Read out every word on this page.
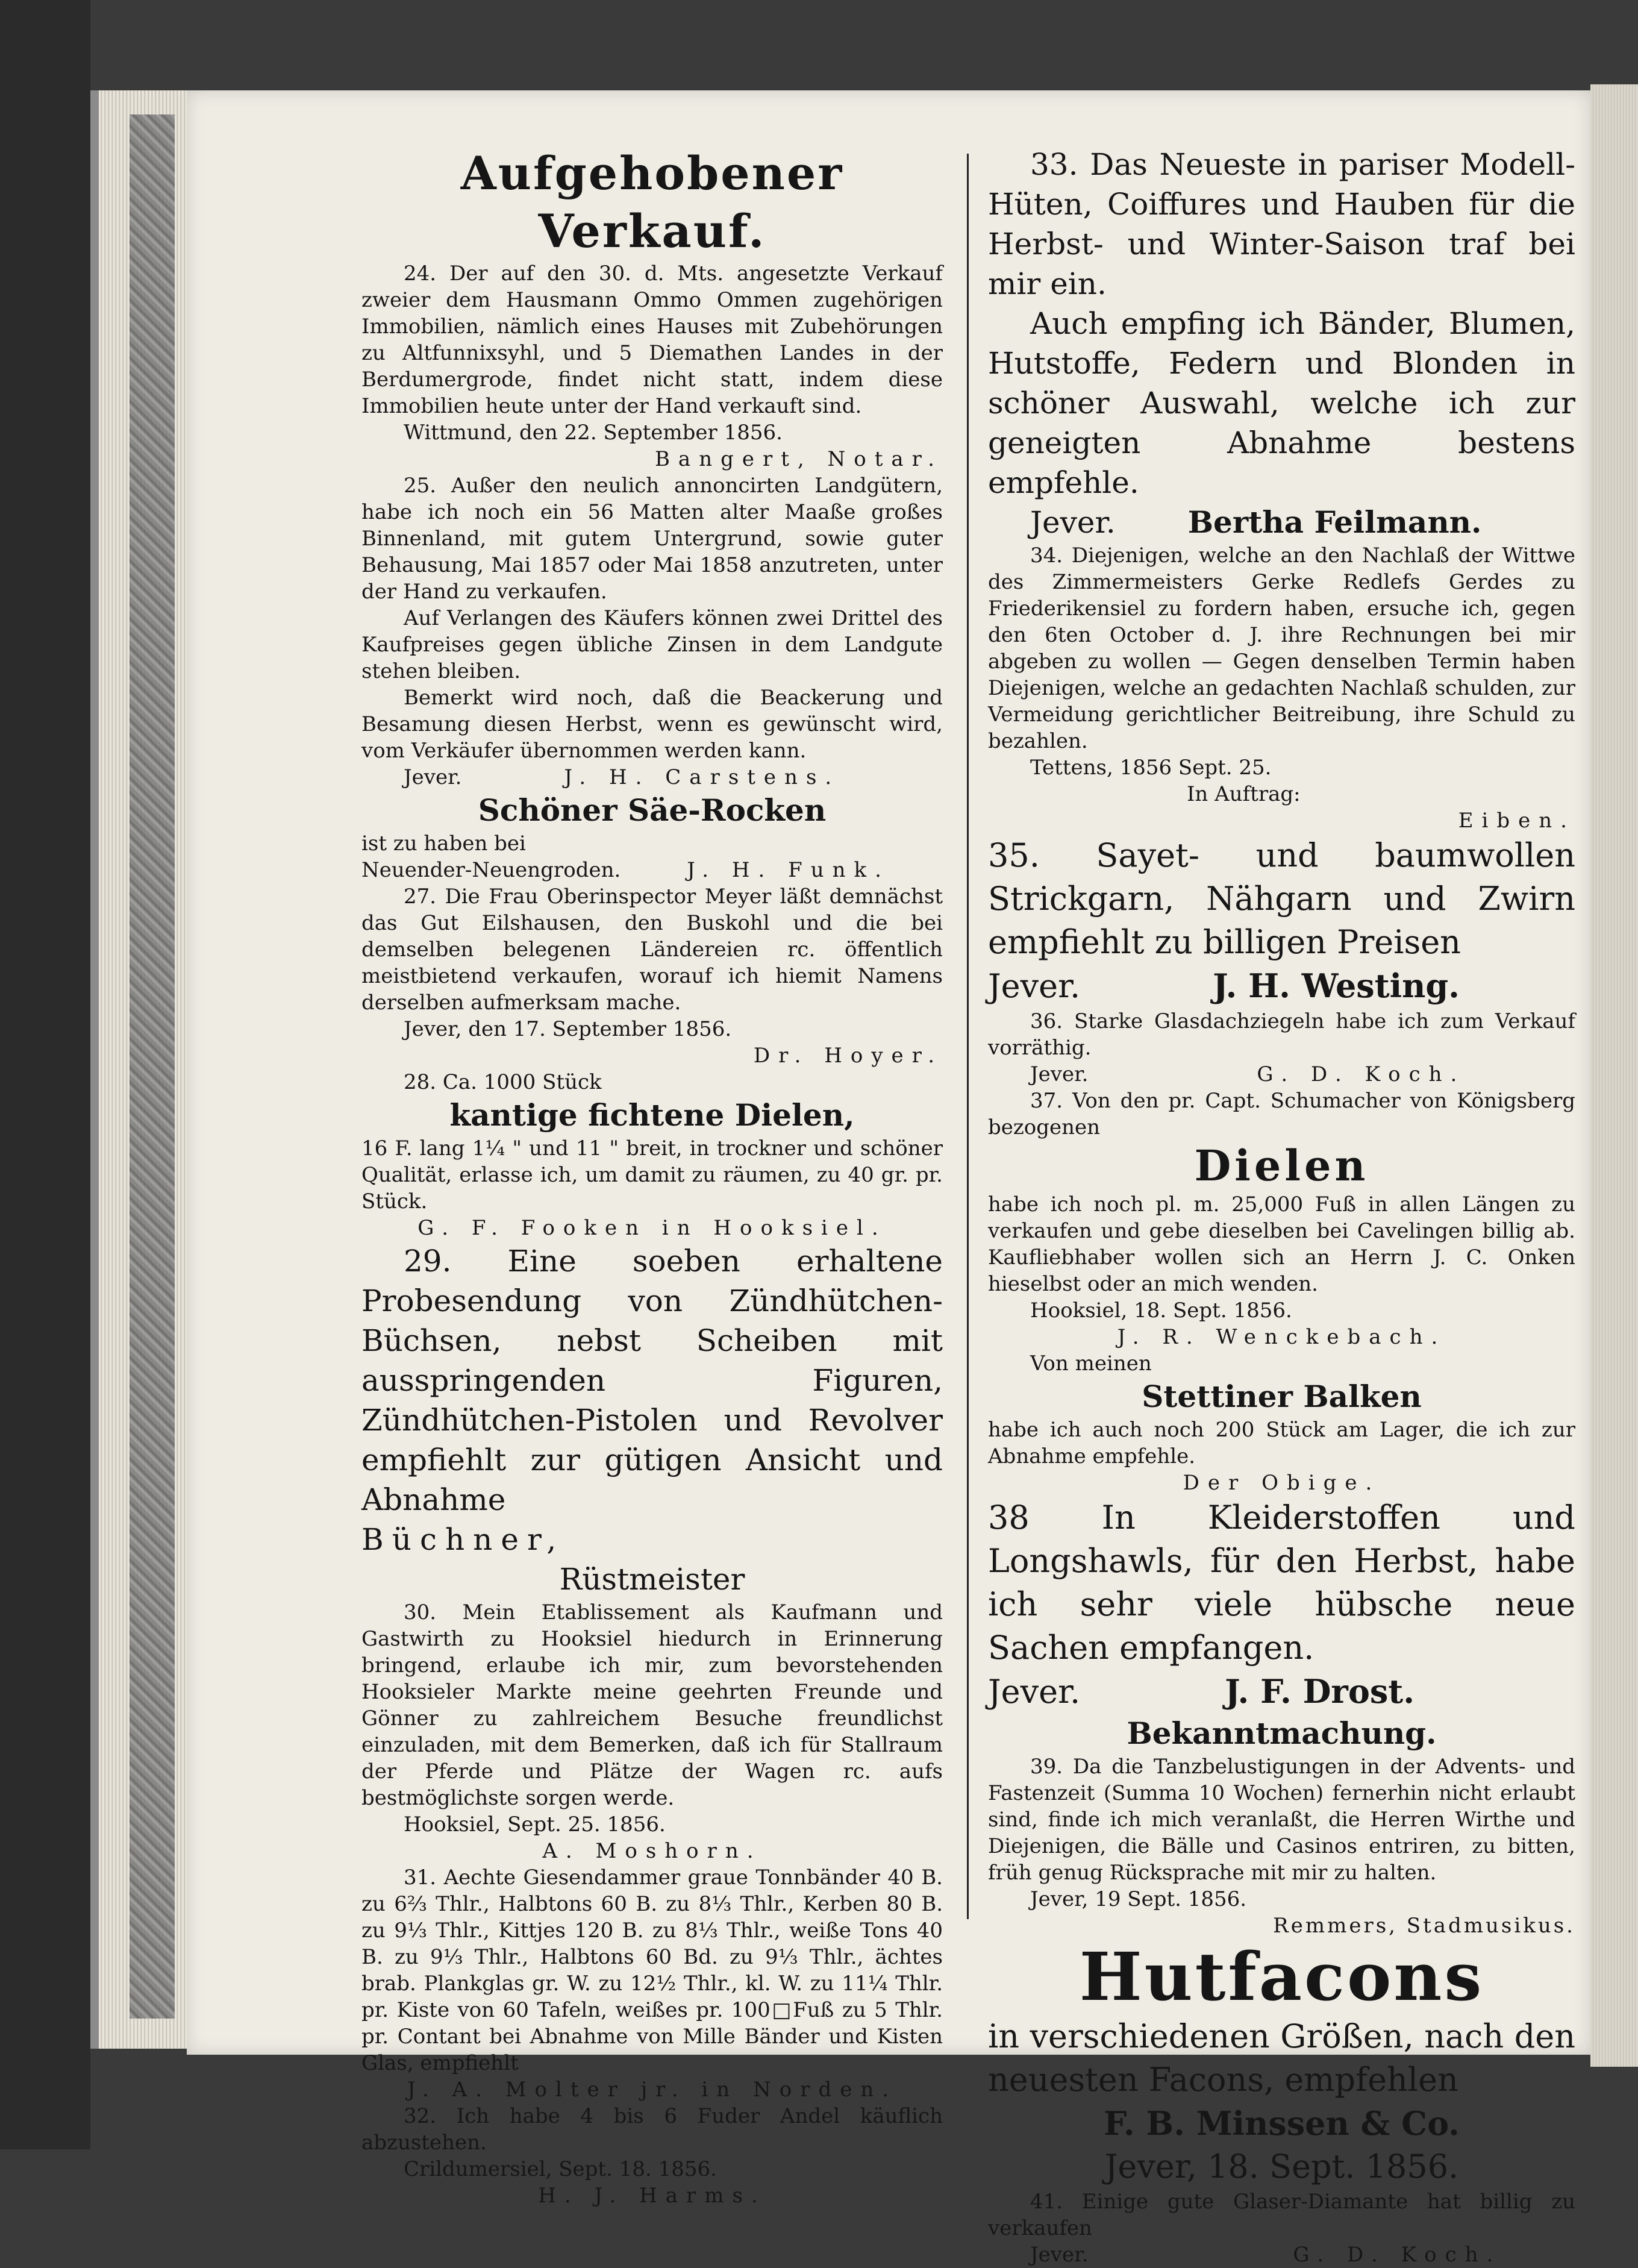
Aufgehobener Verkauf.

24. Der auf den 30. d. Mts. angesetzte Verkauf zweier dem Hausmann Ommo Ommen zugehörigen Immobilien, nämlich eines Hauses mit Zubehörungen zu Altfunnixsyhl, und 5 Diemathen Landes in der Berdumergrode, findet nicht statt, indem diese Immobilien heute unter der Hand verkauft sind.

Wittmund, den 22. September 1856.

Bangert, Notar.

25. Außer den neulich annoncirten Landgütern, habe ich noch ein 56 Matten alter Maaße großes Binnenland, mit gutem Untergrund, sowie guter Behausung, Mai 1857 oder Mai 1858 anzutreten, unter der Hand zu verkaufen.

Auf Verlangen des Käufers können zwei Drittel des Kaufpreises gegen übliche Zinsen in dem Landgute stehen bleiben.

Bemerkt wird noch, daß die Beackerung und Besamung diesen Herbst, wenn es gewünscht wird, vom Verkäufer übernommen werden kann.

Jever.	J. H. Carstens.

Schöner Säe-Rocken

ist zu haben bei

Neuender-Neuengroden.	J. H. Funk.

27. Die Frau Oberinspector Meyer läßt demnächst das Gut Eilshausen, den Buskohl und die bei demselben belegenen Ländereien rc. öffentlich meistbietend verkaufen, worauf ich hiemit Namens derselben aufmerksam mache.

Jever, den 17. September 1856.

Dr. Hoyer.

28. Ca. 1000 Stück

kantige fichtene Dielen,

16 F. lang 1¼ " und 11 " breit, in trockner und schöner Qualität, erlasse ich, um damit zu räumen, zu 40 gr. pr. Stück.

G. F. Fooken in Hooksiel.

29. Eine soeben erhaltene Probesendung von Zündhütchen-Büchsen, nebst Scheiben mit ausspringenden Figuren, Zündhütchen-Pistolen und Revolver empfiehlt zur gütigen Ansicht und Abnahme

Büchner,

Rüstmeister

30. Mein Etablissement als Kaufmann und Gastwirth zu Hooksiel hiedurch in Erinnerung bringend, erlaube ich mir, zum bevorstehenden Hooksieler Markte meine geehrten Freunde und Gönner zu zahlreichem Besuche freundlichst einzuladen, mit dem Bemerken, daß ich für Stallraum der Pferde und Plätze der Wagen rc. aufs bestmöglichste sorgen werde.

Hooksiel, Sept. 25. 1856.

A. Moshorn.

31. Aechte Giesendammer graue Tonnbänder 40 B. zu 6⅔ Thlr., Halbtons 60 B. zu 8⅓ Thlr., Kerben 80 B. zu 9⅓ Thlr., Kittjes 120 B. zu 8⅓ Thlr., weiße Tons 40 B. zu 9⅓ Thlr., Halbtons 60 Bd. zu 9⅓ Thlr., ächtes brab. Plankglas gr. W. zu 12½ Thlr., kl. W. zu 11¼ Thlr. pr. Kiste von 60 Tafeln, weißes pr. 100□Fuß zu 5 Thlr. pr. Contant bei Abnahme von Mille Bänder und Kisten Glas, empfiehlt

J. A. Molter jr. in Norden.

32. Ich habe 4 bis 6 Fuder Andel käuflich abzustehen.

Crildumersiel, Sept. 18. 1856.

H. J. Harms.

33. Das Neueste in pariser Modell-Hüten, Coiffures und Hauben für die Herbst- und Winter-Saison traf bei mir ein.

Auch empfing ich Bänder, Blumen, Hutstoffe, Federn und Blonden in schöner Auswahl, welche ich zur geneigten Abnahme bestens empfehle.

Jever. Bertha Feilmann.

34. Diejenigen, welche an den Nachlaß der Wittwe des Zimmermeisters Gerke Redlefs Gerdes zu Friederikensiel zu fordern haben, ersuche ich, gegen den 6ten October d. J. ihre Rechnungen bei mir abgeben zu wollen — Gegen denselben Termin haben Diejenigen, welche an gedachten Nachlaß schulden, zur Vermeidung gerichtlicher Beitreibung, ihre Schuld zu bezahlen.

Tettens, 1856 Sept. 25.

In Auftrag:

Eiben.

35. Sayet- und baumwollen Strickgarn, Nähgarn und Zwirn empfiehlt zu billigen Preisen

Jever.	J. H. Westing.

36. Starke Glasdachziegeln habe ich zum Verkauf vorräthig.

Jever.	G. D. Koch.

37. Von den pr. Capt. Schumacher von Königsberg bezogenen

Dielen

habe ich noch pl. m. 25,000 Fuß in allen Längen zu verkaufen und gebe dieselben bei Cavelingen billig ab. Kaufliebhaber wollen sich an Herrn J. C. Onken hieselbst oder an mich wenden.

Hooksiel, 18. Sept. 1856.

J. R. Wenckebach.

Von meinen

Stettiner Balken

habe ich auch noch 200 Stück am Lager, die ich zur Abnahme empfehle.

Der Obige.

38 In Kleiderstoffen und Longshawls, für den Herbst, habe ich sehr viele hübsche neue Sachen empfangen.

Jever.	J. F. Drost.

Bekanntmachung.

39. Da die Tanzbelustigungen in der Advents- und Fastenzeit (Summa 10 Wochen) fernerhin nicht erlaubt sind, finde ich mich veranlaßt, die Herren Wirthe und Diejenigen, die Bälle und Casinos entriren, zu bitten, früh genug Rücksprache mit mir zu halten.

Jever, 19 Sept. 1856.

Remmers, Stadmusikus.

Hutfacons

in verschiedenen Größen, nach den neuesten Facons, empfehlen

F. B. Minssen & Co.

Jever, 18. Sept. 1856.

41. Einige gute Glaser-Diamante hat billig zu verkaufen

Jever.	G. D. Koch.
